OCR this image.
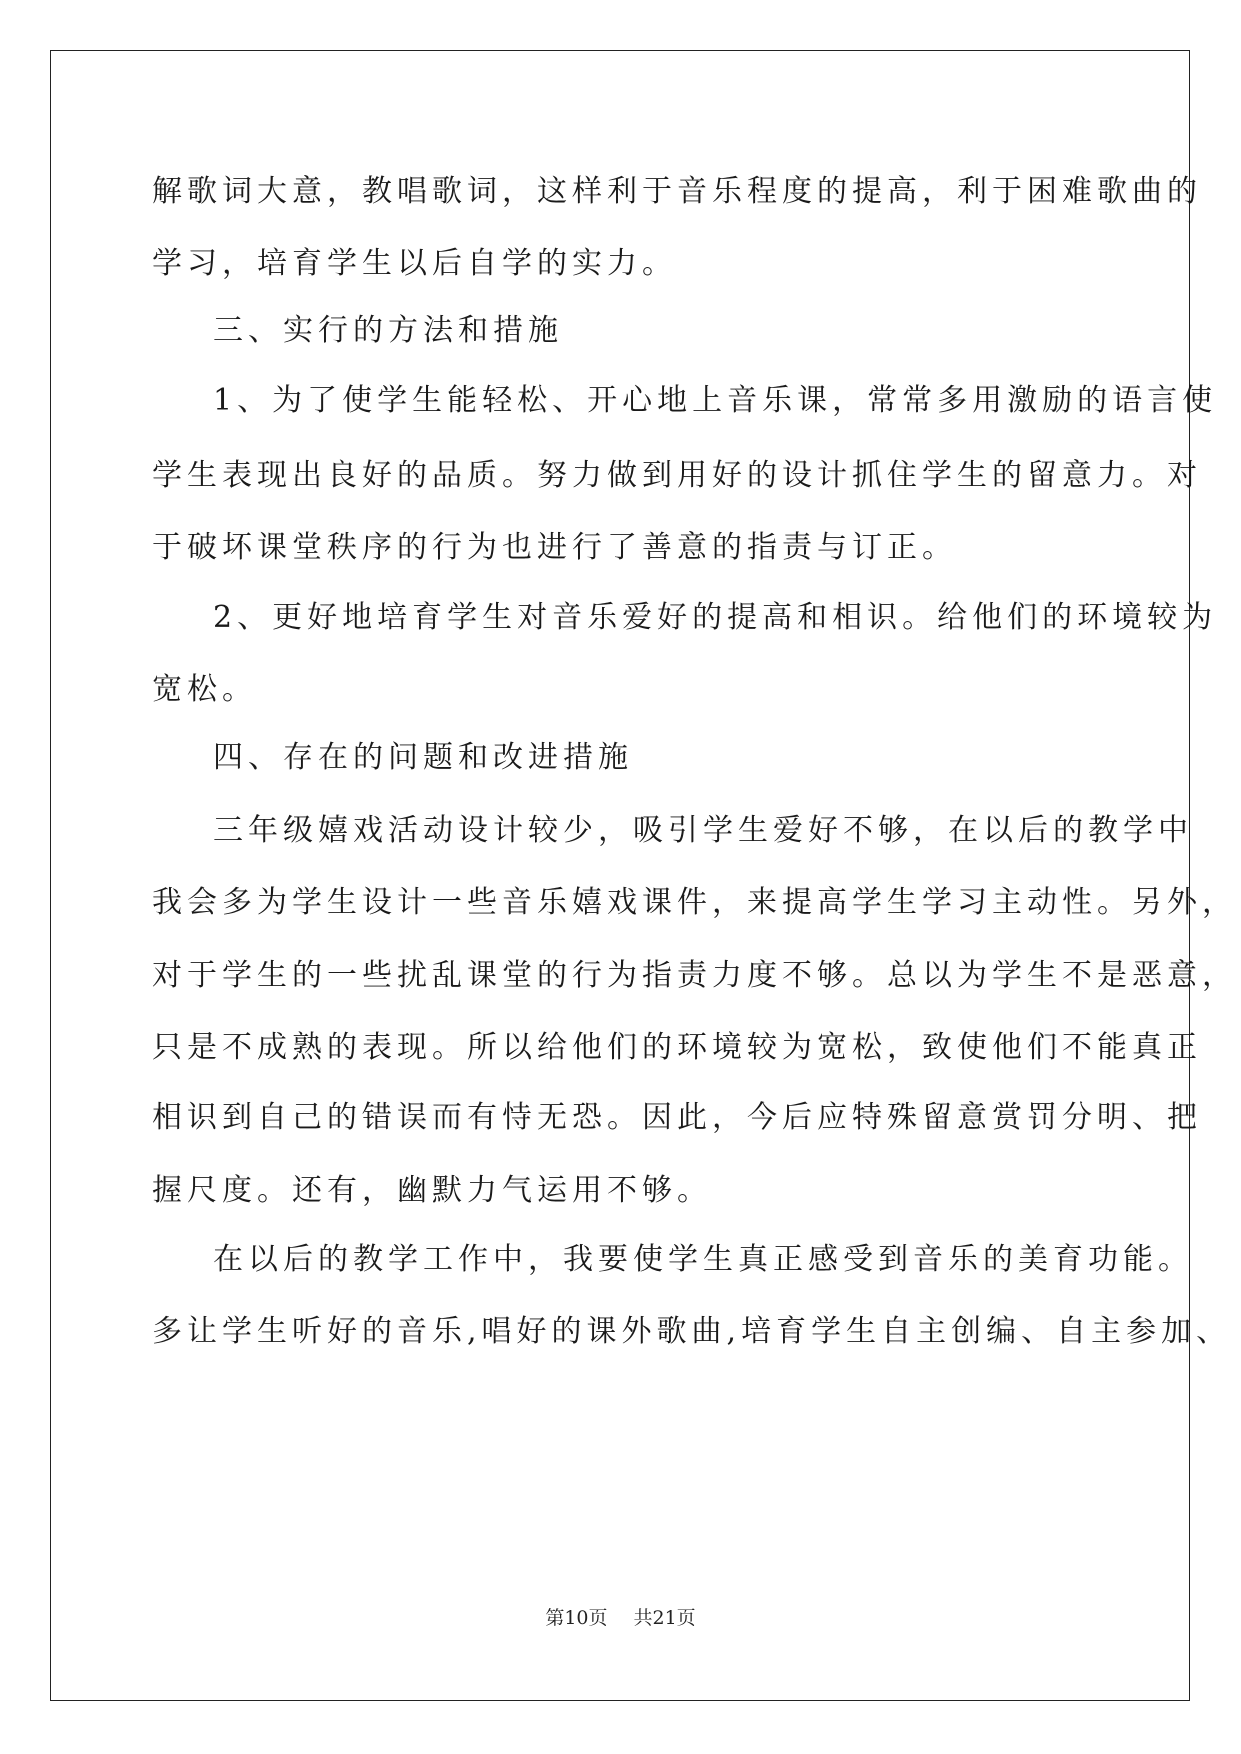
解歌词大意，教唱歌词，这样利于音乐程度的提高，利于困难歌曲的
学习，培育学生以后自学的实力。
三、实行的方法和措施
1、为了使学生能轻松、开心地上音乐课，常常多用激励的语言使
学生表现出良好的品质。努力做到用好的设计抓住学生的留意力。对
于破坏课堂秩序的行为也进行了善意的指责与订正。
2、更好地培育学生对音乐爱好的提高和相识。给他们的环境较为
宽松。
四、存在的问题和改进措施
三年级嬉戏活动设计较少，吸引学生爱好不够，在以后的教学中
我会多为学生设计一些音乐嬉戏课件，来提高学生学习主动性。另外，
对于学生的一些扰乱课堂的行为指责力度不够。总以为学生不是恶意，
只是不成熟的表现。所以给他们的环境较为宽松，致使他们不能真正
相识到自己的错误而有恃无恐。因此，今后应特殊留意赏罚分明、把
握尺度。还有，幽默力气运用不够。
在以后的教学工作中，我要使学生真正感受到音乐的美育功能。
多让学生听好的音乐,唱好的课外歌曲,培育学生自主创编、自主参加、
第10页 共21页
